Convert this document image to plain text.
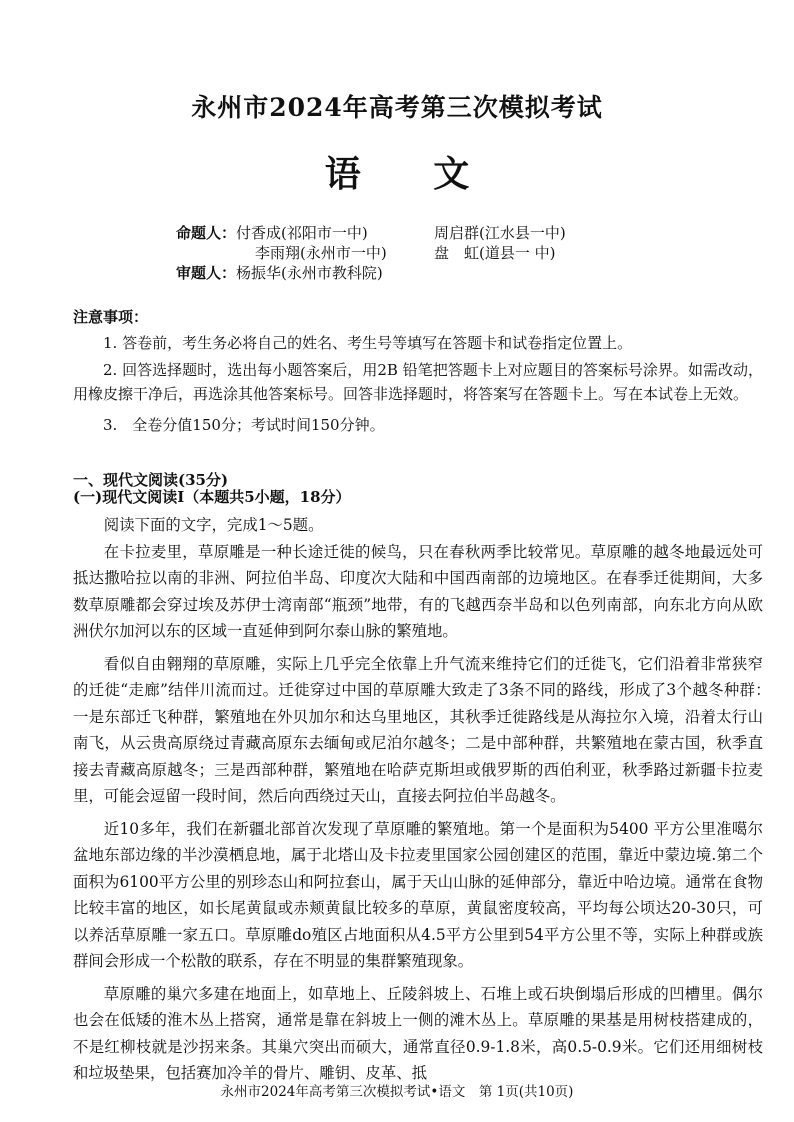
永州市2024年高考第三次模拟考试
语 文
命题人：付香成(祁阳市一中)	周启群(江水县一中)
李雨翔(永州市一中)	盘　虹(道县一 中)
审题人：杨振华(永州市教科院)

注意事项：

1. 答卷前，考生务必将自己的姓名、考生号等填写在答题卡和试卷指定位置上。

2. 回答选择题时，选出每小题答案后，用2B 铅笔把答题卡上对应题目的答案标号涂界。如需改动，用橡皮擦干净后，再选涂其他答案标号。回答非选择题时，将答案写在答题卡上。写在本试卷上无效。

3.　全卷分值150分；考试时间150分钟。

一、现代文阅读(35分)
(一)现代文阅读I（本题共5小题，18分）

阅读下面的文字，完成1～5题。

在卡拉麦里，草原雕是一种长途迁徙的候鸟，只在春秋两季比较常见。草原雕的越冬地最远处可抵达撒哈拉以南的非洲、阿拉伯半岛、印度次大陆和中国西南部的边境地区。在春季迁徙期间，大多数草原雕都会穿过埃及苏伊士湾南部“瓶颈”地带，有的飞越西奈半岛和以色列南部，向东北方向从欧洲伏尔加河以东的区域一直延伸到阿尔泰山脉的繁殖地。

看似自由翱翔的草原雕，实际上几乎完全依靠上升气流来维持它们的迁徙飞，它们沿着非常狭窄的迁徙“走廊”结伴川流而过。迁徙穿过中国的草原雕大致走了3条不同的路线，形成了3个越冬种群：　一是东部迁飞种群，繁殖地在外贝加尔和达乌里地区，其秋季迁徙路线是从海拉尔入境，沿着太行山南飞，从云贵高原绕过青藏高原东去缅甸或尼泊尔越冬；二是中部种群，共繁殖地在蒙古国，秋季直接去青藏高原越冬；三是西部种群，繁殖地在哈萨克斯坦或俄罗斯的西伯利亚，秋季路过新疆卡拉麦里，可能会逗留一段时间，然后向西绕过天山，直接去阿拉伯半岛越冬。

近10多年，我们在新疆北部首次发现了草原雕的繁殖地。第一个是面积为5400 平方公里准噶尔盆地东部边缘的半沙漠栖息地，属于北塔山及卡拉麦里国家公园创建区的范围，靠近中蒙边境.第二个面积为6100平方公里的别珍态山和阿拉套山，属于天山山脉的延伸部分，靠近中哈边境。通常在食物比较丰富的地区，如长尾黄鼠或赤颊黄鼠比较多的草原，黄鼠密度较高，平均每公顷达20-30只，可以养活草原雕一家五口。草原雕do殖区占地面积从4.5平方公里到54平方公里不等，实际上种群或族群间会形成一个松散的联系，存在不明显的集群繁殖现象。

草原雕的巢穴多建在地面上，如草地上、丘陵斜坡上、石堆上或石块倒塌后形成的凹槽里。偶尔也会在低矮的淮木丛上搭窝，通常是靠在斜坡上一侧的滩木丛上。草原雕的果基是用树枝搭建成的，不是红柳枝就是沙拐来条。其巢穴突出而硕大，通常直径0.9-1.8米，高0.5-0.9米。它们还用细树枝和垃圾垫果，包括赛加冷羊的骨片、雕钥、皮革、抵

永州市2024年高考第三次模拟考试•语文　第 1页(共10页)
